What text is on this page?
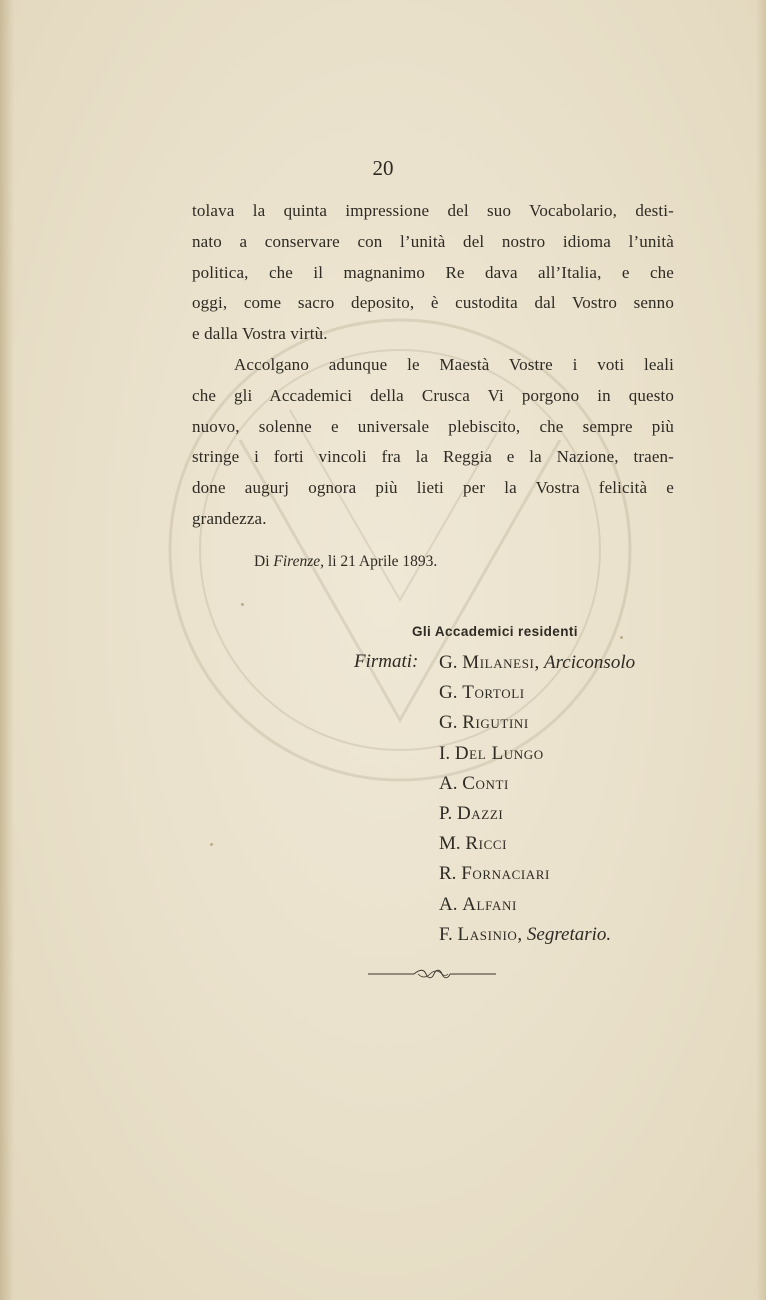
20
tolava la quinta impressione del suo Vocabolario, desti-
nato a conservare con l’unità del nostro idioma l’unità
politica, che il magnanimo Re dava all’Italia, e che
oggi, come sacro deposito, è custodita dal Vostro senno
e dalla Vostra virtù.
Accolgano adunque le Maestà Vostre i voti leali
che gli Accademici della Crusca Vi porgono in questo
nuovo, solenne e universale plebiscito, che sempre più
stringe i forti vincoli fra la Reggia e la Nazione, traen-
done augurj ognora più lieti per la Vostra felicità e
grandezza.
Di Firenze, li 21 Aprile 1893.
Gli Accademici residenti
Firmati: G. Milanesi, Arciconsolo
G. Tortoli
G. Rigutini
I. Del Lungo
A. Conti
P. Dazzi
M. Ricci
R. Fornaciari
A. Alfani
F. Lasinio, Segretario.
